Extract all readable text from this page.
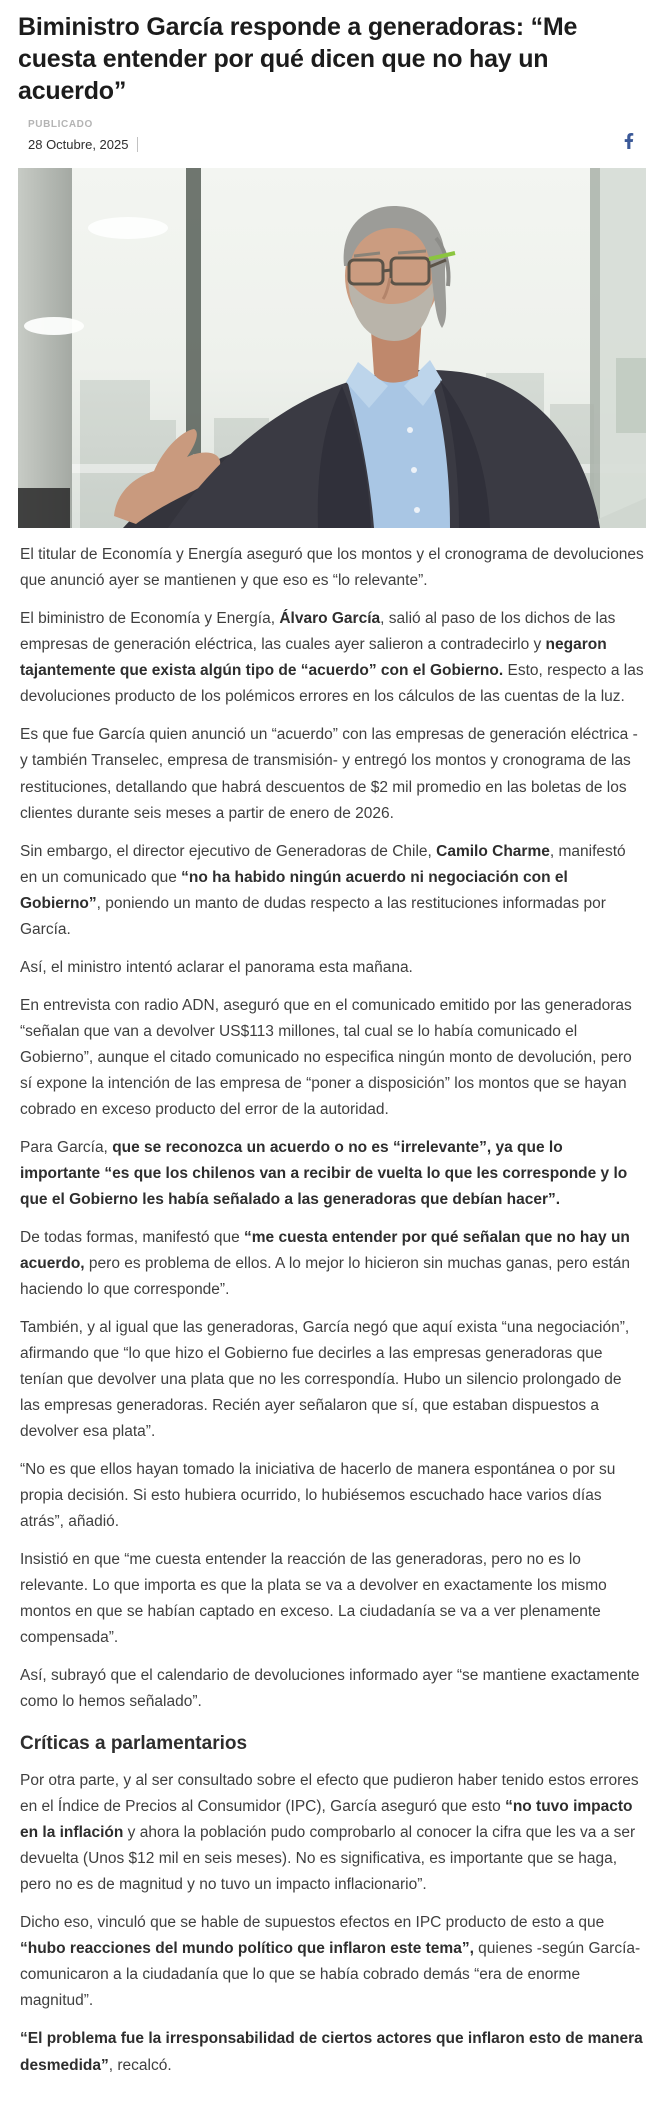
Biministro García responde a generadoras: “Me cuesta entender por qué dicen que no hay un acuerdo”
PUBLICADO
28 Octubre, 2025

El titular de Economía y Energía aseguró que los montos y el cronograma de devoluciones que anunció ayer se mantienen y que eso es “lo relevante”.

El biministro de Economía y Energía, Álvaro García, salió al paso de los dichos de las empresas de generación eléctrica, las cuales ayer salieron a contradecirlo y negaron tajantemente que exista algún tipo de “acuerdo” con el Gobierno. Esto, respecto a las devoluciones producto de los polémicos errores en los cálculos de las cuentas de la luz.

Es que fue García quien anunció un “acuerdo” con las empresas de generación eléctrica -y también Transelec, empresa de transmisión- y entregó los montos y cronograma de las restituciones, detallando que habrá descuentos de $2 mil promedio en las boletas de los clientes durante seis meses a partir de enero de 2026.

Sin embargo, el director ejecutivo de Generadoras de Chile, Camilo Charme, manifestó en un comunicado que “no ha habido ningún acuerdo ni negociación con el Gobierno”, poniendo un manto de dudas respecto a las restituciones informadas por García.

Así, el ministro intentó aclarar el panorama esta mañana.

En entrevista con radio ADN, aseguró que en el comunicado emitido por las generadoras “señalan que van a devolver US$113 millones, tal cual se lo había comunicado el Gobierno”, aunque el citado comunicado no especifica ningún monto de devolución, pero sí expone la intención de las empresa de “poner a disposición” los montos que se hayan cobrado en exceso producto del error de la autoridad.

Para García, que se reconozca un acuerdo o no es “irrelevante”, ya que lo importante “es que los chilenos van a recibir de vuelta lo que les corresponde y lo que el Gobierno les había señalado a las generadoras que debían hacer”.

De todas formas, manifestó que “me cuesta entender por qué señalan que no hay un acuerdo, pero es problema de ellos. A lo mejor lo hicieron sin muchas ganas, pero están haciendo lo que corresponde”.

También, y al igual que las generadoras, García negó que aquí exista “una negociación”, afirmando que “lo que hizo el Gobierno fue decirles a las empresas generadoras que tenían que devolver una plata que no les correspondía. Hubo un silencio prolongado de las empresas generadoras. Recién ayer señalaron que sí, que estaban dispuestos a devolver esa plata”.

“No es que ellos hayan tomado la iniciativa de hacerlo de manera espontánea o por su propia decisión. Si esto hubiera ocurrido, lo hubiésemos escuchado hace varios días atrás”, añadió.

Insistió en que “me cuesta entender la reacción de las generadoras, pero no es lo relevante. Lo que importa es que la plata se va a devolver en exactamente los mismo montos en que se habían captado en exceso. La ciudadanía se va a ver plenamente compensada”.

Así, subrayó que el calendario de devoluciones informado ayer “se mantiene exactamente como lo hemos señalado”.

Críticas a parlamentarios

Por otra parte, y al ser consultado sobre el efecto que pudieron haber tenido estos errores en el Índice de Precios al Consumidor (IPC), García aseguró que esto “no tuvo impacto en la inflación y ahora la población pudo comprobarlo al conocer la cifra que les va a ser devuelta (Unos $12 mil en seis meses). No es significativa, es importante que se haga, pero no es de magnitud y no tuvo un impacto inflacionario”.

Dicho eso, vinculó que se hable de supuestos efectos en IPC producto de esto a que “hubo reacciones del mundo político que inflaron este tema”, quienes -según García- comunicaron a la ciudadanía que lo que se había cobrado demás “era de enorme magnitud”.

“El problema fue la irresponsabilidad de ciertos actores que inflaron esto de manera desmedida”, recalcó.
